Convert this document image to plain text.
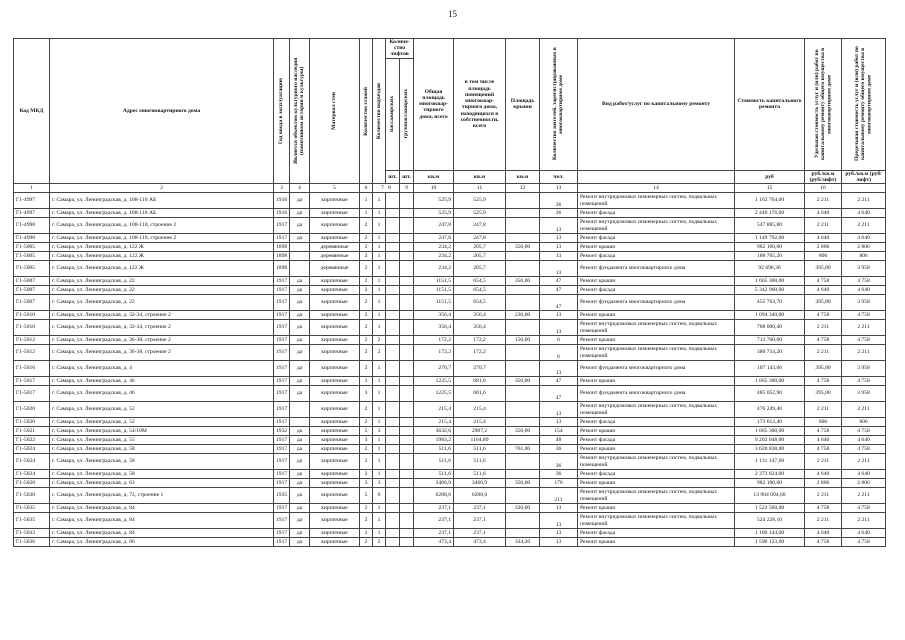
15
Код МКД	Адрес многоквартирного дома	Год ввода в эксплуатацию	Является объектом культурного наследия (памятником истории и культуры)	Материал стен	Количество этажей	Количество подъездов	Количе-ство лифтов		Общая площадь многоквар-тирного дома, всего	в том числе площадь помещений многоквар-тирного дома, находящихся в собственности, всего	Площадь крыши	Количество жителей, зарегистрированных в многоквартирном доме	Вид работ/услуг по капитальному ремонту	Стоимость капитального ремонта	Удельная стоимость услуг и (или) работ по капитальному ремонту общего имущества в многоквартирном доме	Предельная стоимость услуг и (или) работ по капитальному ремонту общего имущества в многоквартирном доме

							пассажирских	грузопассажирских								

							шт.	шт.	кв.м	кв.м	кв.м	чел.		руб	руб./кв.м (руб/лифт)	руб./кв.м (руб/лифт)
1	2	3	4	5	6	7 8		9	10	11	12	13	14	15	16	
Г1-4997	г. Самара, ул. Ленинградская, д. 108-110 АБ	1916	да	кирпичные	1	1			525,9	525,9		36	Ремонт внутридомовых инженерных систем, подвальных помещений	1 162 764,00	2 211	2 211
Г1-4997	г. Самара, ул. Ленинградская, д. 108-110 АБ	1916	да	кирпичные	1	1			525,9	525,9		36	Ремонт фасада	2 440 176,00	4 640	4 640
Г1-4998	г. Самара, ул. Ленинградская, д. 108-110, строение 2	1917	да	кирпичные	2	1			247,8	247,8		13	Ремонт внутридомовых инженерных систем, подвальных помещений	547 885,80	2 211	2 211
Г1-4998	г. Самара, ул. Ленинградская, д. 108-110, строение 2	1917	да	кирпичные	2	1			247,8	247,8		13	Ремонт фасада	1 149 792,00	4 640	4 640
Г1-5005	г. Самара, ул. Ленинградская, д. 122 Ж	1898		деревянные	2	1			234,2	205,7	350,00	13	Ремонт крыши	982 100,00	2 806	2 806
Г1-5005	г. Самара, ул. Ленинградская, д. 122 Ж	1898		деревянные	2	1			234,2	205,7		13	Ремонт фасада	188 765,20	806	806
Г1-5005	г. Самара, ул. Ленинградская, д. 122 Ж	1898		деревянные	2	1			234,2	205,7		13	Ремонт фундамента многоквартирного дома	92 696,36	395,80	3 958
Г1-5007	г. Самара, ул. Ленинградская, д. 22	1917	да	кирпичные	2	1			1151,5	654,5	350,00	47	Ремонт крыши	1 665 300,00	4 758	4 758
Г1-5007	г. Самара, ул. Ленинградская, д. 22	1917	да	кирпичные	2	1			1151,5	654,5		47	Ремонт фасада	5 342 960,00	4 640	4 640
Г1-5007	г. Самара, ул. Ленинградская, д. 22	1917	да	кирпичные	2	1			1151,5	654,5		47	Ремонт фундамента многоквартирного дома	455 763,70	395,80	3 958
Г1-5010	г. Самара, ул. Ленинградская, д. 32-34, строение 2	1917	да	кирпичные	2	1			356,4	356,4	230,00	13	Ремонт крыши	1 094 340,00	4 758	4 758
Г1-5010	г. Самара, ул. Ленинградская, д. 32-34, строение 2	1917	да	кирпичные	2	1			356,4	356,4		13	Ремонт внутридомовых инженерных систем, подвальных помещений	788 000,40	2 211	2 211
Г1-5012	г. Самара, ул. Ленинградская, д. 36-38, строение 2	1917	да	кирпичные	2	2			172,2	172,2	150,00	6	Ремонт крыши	713 700,00	4 758	4 758
Г1-5012	г. Самара, ул. Ленинградская, д. 36-38, строение 2	1917	да	кирпичные	2	2			172,2	172,2		6	Ремонт внутридомовых инженерных систем, подвальных помещений	380 734,20	2 211	2 211
Г1-5016	г. Самара, ул. Ленинградская, д. 4	1917	да	кирпичные	2	1			270,7	270,7		13	Ремонт фундамента многоквартирного дома	107 143,06	395,80	3 958
Г1-5017	г. Самара, ул. Ленинградская, д. 46	1917	да	кирпичные	3	1			1225,5	681,6	350,00	47	Ремонт крыши	1 665 300,00	4 758	4 758
Г1-5017	г. Самара, ул. Ленинградская, д. 46	1917	да	кирпичные	3	1			1225,5	681,6		47	Ремонт фундамента многоквартирного дома	485 052,90	395,80	3 958
Г1-5020	г. Самара, ул. Ленинградская, д. 52	1917		кирпичные	2	1			215,4	215,4		13	Ремонт внутридомовых инженерных систем, подвальных помещений	476 249,40	2 211	2 211
Г1-5020	г. Самара, ул. Ленинградская, д. 52	1917		кирпичные	2	1			215,4	215,4		13	Ремонт фасада	173 612,40	806	806
Г1-5021	г. Самара, ул. Ленинградская, д. 54/10М	1932	да	кирпичные	5	3			3632,6	2987,2	350,00	154	Ремонт крыши	1 665 300,00	4 758	4 758
Г1-5022	г. Самара, ул. Ленинградская, д. 55	1917	да	кирпичные	3	1			1983,2	1164,89		48	Ремонт фасада	9 202 048,00	4 640	4 640
Г1-5024	г. Самара, ул. Ленинградская, д. 58	1917	да	кирпичные	2	1			511,6	511,6	761,00	36	Ремонт крыши	3 620 838,00	4 758	4 758
Г1-5024	г. Самара, ул. Ленинградская, д. 58	1917	да	кирпичные	2	1			511,6	511,6		36	Ремонт внутридомовых инженерных систем, подвальных помещений	1 131 147,60	2 211	2 211
Г1-5024	г. Самара, ул. Ленинградская, д. 58	1917	да	кирпичные	2	1			511,6	511,6		36	Ремонт фасада	2 373 824,00	4 640	4 640
Г1-5028	г. Самара, ул. Ленинградская, д. 63	1917	да	кирпичные	3	3			3466,9	3466,9	350,00	176	Ремонт крыши	982 100,00	2 806	2 806
Г1-5030	г. Самара, ул. Ленинградская, д. 72, строение 1	1935	да	кирпичные	5	6			6288,6	6288,6		211	Ремонт внутридомовых инженерных систем, подвальных помещений	13 904 094,60	2 211	2 211
Г1-5035	г. Самара, ул. Ленинградская, д. 84	1917	да	кирпичные	2	1			237,1	237,1	320,00	13	Ремонт крыши	1 522 560,00	4 758	4 758
Г1-5035	г. Самара, ул. Ленинградская, д. 84	1917	да	кирпичные	2	1			237,1	237,1		13	Ремонт внутридомовых инженерных систем, подвальных помещений	524 228,10	2 211	2 211
Г1-5033	г. Самара, ул. Ленинградская, д. 84	1917	да	кирпичные	2	1			237,1	237,1		13	Ремонт фасада	1 100 144,00	4 640	4 640
Г1-5036	г. Самара, ул. Ленинградская, д. 86	1917	да	кирпичные	2	2			473,4	473,4	334,20	13	Ремонт крыши	1 590 123,60	4 758	4 758
